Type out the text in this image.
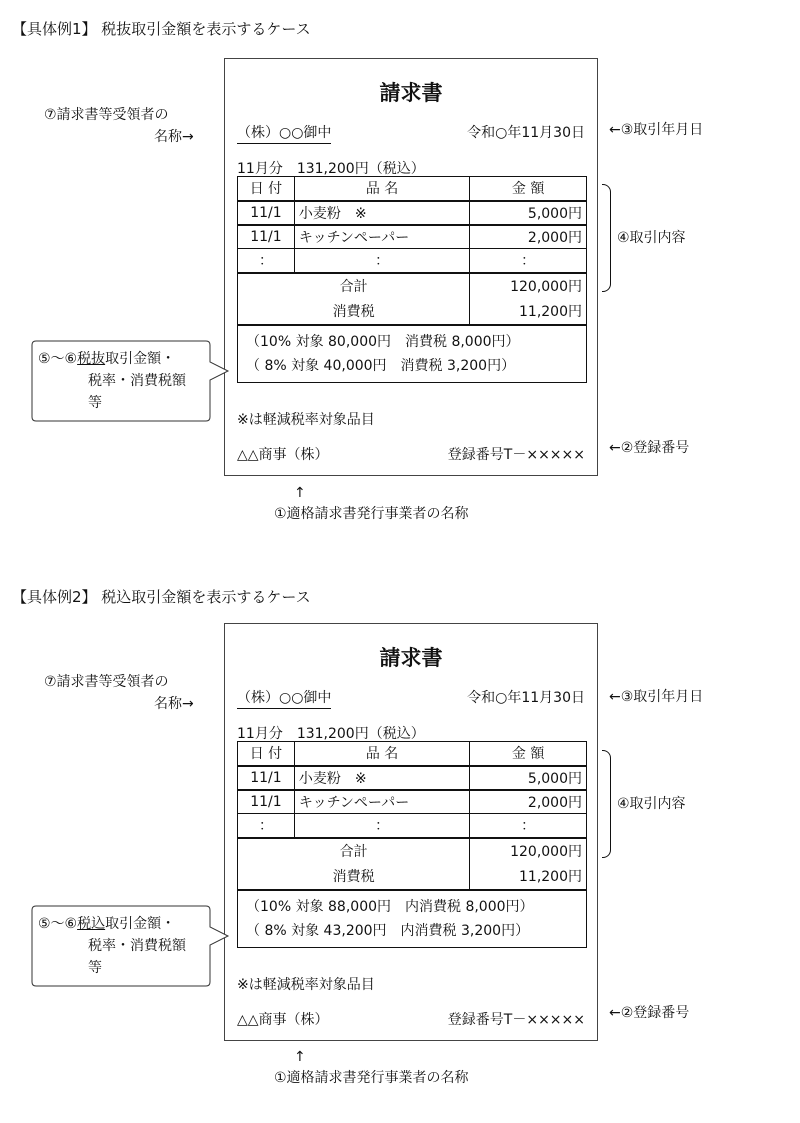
【具体例1】 税抜取引金額を表示するケース
⑦請求書等受領者の
名称→
請求書
（株）○○御中	令和○年11月30日
11月分　131,200円（税込）
日 付	品 名	金 額
11/1	小麦粉　※	5,000円
11/1	キッチンペーパー	2,000円
：	：	：
合計		120,000円
消費税		11,200円

（10% 対象 80,000円　消費税 8,000円）
（ 8% 対象 40,000円　消費税 3,200円）		
※は軽減税率対象品目
△△商事（株）	登録番号T－×××××
←③取引年月日
④取引内容
←②登録番号
⑤～⑥税抜取引金額・
税率・消費税額
等
↑
①適格請求書発行事業者の名称
【具体例2】 税込取引金額を表示するケース
⑦請求書等受領者の
名称→
請求書
（株）○○御中	令和○年11月30日
11月分　131,200円（税込）
日 付	品 名	金 額
11/1	小麦粉　※	5,000円
11/1	キッチンペーパー	2,000円
：	：	：
合計		120,000円
消費税		11,200円

（10% 対象 88,000円　内消費税 8,000円）
（ 8% 対象 43,200円　内消費税 3,200円）		
※は軽減税率対象品目
△△商事（株）	登録番号T－×××××
←③取引年月日
④取引内容
←②登録番号
⑤～⑥税込取引金額・
税率・消費税額
等
↑
①適格請求書発行事業者の名称
